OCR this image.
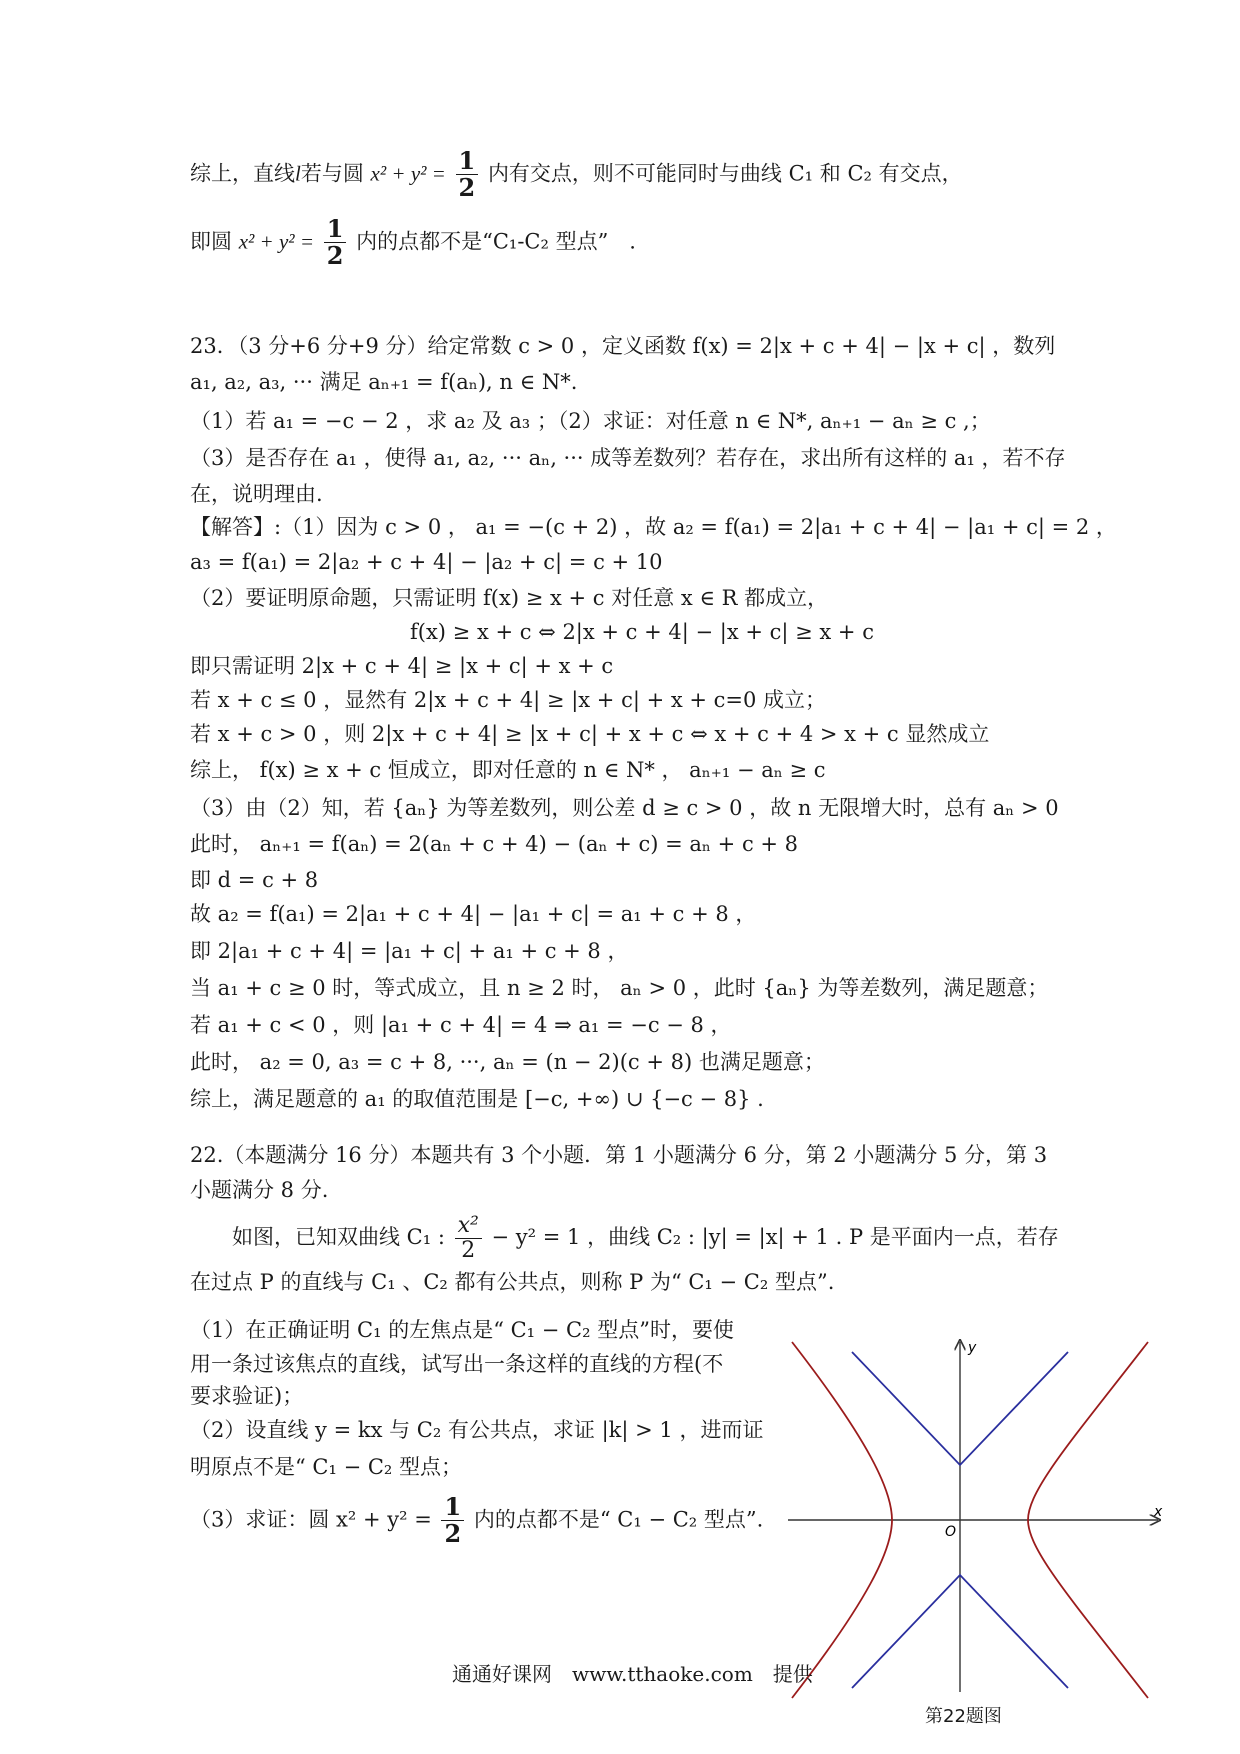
综上，直线l若与圆 $x^2 + y^2 = \frac{1}{2}$ 内有交点，则不可能同时与曲线 C₁ 和 C₂ 有交点，
即圆 $x^2 + y^2 = \frac{1}{2}$ 内的点都不是“C₁-C₂ 型点”　.
23．（3 分+6 分+9 分）给定常数 c > 0 ，定义函数 f(x) = 2|x + c + 4| − |x + c| ，数列
a₁, a₂, a₃, ··· 满足 aₙ₊₁ = f(aₙ), n ∈ N*.
（1）若 a₁ = −c − 2 ，求 a₂ 及 a₃ ；（2）求证：对任意 n ∈ N*, aₙ₊₁ − aₙ ≥ c ,；
（3）是否存在 a₁ ，使得 a₁, a₂, ··· aₙ, ··· 成等差数列？若存在，求出所有这样的 a₁ ，若不存
在，说明理由.
【解答】:（1）因为 c > 0 ， a₁ = −(c + 2) ，故 a₂ = f(a₁) = 2|a₁ + c + 4| − |a₁ + c| = 2 ，
a₃ = f(a₁) = 2|a₂ + c + 4| − |a₂ + c| = c + 10
（2）要证明原命题，只需证明 f(x) ≥ x + c 对任意 x ∈ R 都成立，
f(x) ≥ x + c ⇔ 2|x + c + 4| − |x + c| ≥ x + c
即只需证明 2|x + c + 4| ≥ |x + c| + x + c
若 x + c ≤ 0 ，显然有 2|x + c + 4| ≥ |x + c| + x + c=0 成立；
若 x + c > 0 ，则 2|x + c + 4| ≥ |x + c| + x + c ⇔ x + c + 4 > x + c 显然成立
综上， f(x) ≥ x + c 恒成立，即对任意的 n ∈ N* ， aₙ₊₁ − aₙ ≥ c
（3）由（2）知，若 {aₙ} 为等差数列，则公差 d ≥ c > 0 ，故 n 无限增大时，总有 aₙ > 0
此时， aₙ₊₁ = f(aₙ) = 2(aₙ + c + 4) − (aₙ + c) = aₙ + c + 8
即 d = c + 8
故 a₂ = f(a₁) = 2|a₁ + c + 4| − |a₁ + c| = a₁ + c + 8 ，
即 2|a₁ + c + 4| = |a₁ + c| + a₁ + c + 8 ，
当 a₁ + c ≥ 0 时，等式成立，且 n ≥ 2 时， aₙ > 0 ，此时 {aₙ} 为等差数列，满足题意；
若 a₁ + c < 0 ，则 |a₁ + c + 4| = 4 ⇒ a₁ = −c − 8 ，
此时， a₂ = 0, a₃ = c + 8, ···, aₙ = (n − 2)(c + 8) 也满足题意；
综上，满足题意的 a₁ 的取值范围是 [−c, +∞) ∪ {−c − 8} .
22.（本题满分 16 分）本题共有 3 个小题．第 1 小题满分 6 分，第 2 小题满分 5 分，第 3
小题满分 8 分.
如图，已知双曲线 C₁ : $\frac{\text{x²}}{2} - y^2 = 1$ ，曲线 C₂ : |y| = |x| + 1 . P 是平面内一点，若存
在过点 P 的直线与 C₁ 、C₂ 都有公共点，则称 P 为“ C₁ − C₂ 型点”.
（1）在正确证明 C₁ 的左焦点是“ C₁ − C₂ 型点”时，要使
用一条过该焦点的直线，试写出一条这样的直线的方程(不
要求验证)；
（2）设直线 y = kx 与 C₂ 有公共点，求证 |k| > 1 ，进而证
明原点不是“ C₁ − C₂ 型点；
（3）求证：圆 $x^2 + y^2 = \frac{1}{2}$ 内的点都不是“ C₁ − C₂ 型点”.
y
x
O
第22题图
通通好课网　www.tthaoke.com　提供
